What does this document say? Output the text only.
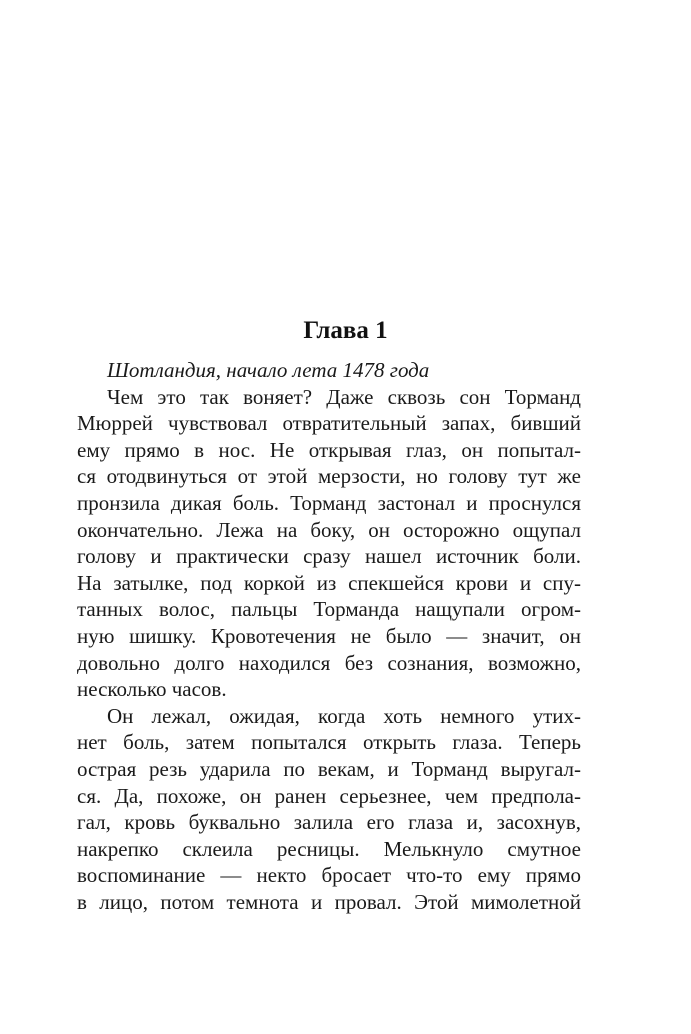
Глава 1
Шотландия, начало лета 1478 года
Чем это так воняет? Даже сквозь сон Торманд
Мюррей чувствовал отвратительный запах, бивший
ему прямо в нос. Не открывая глаз, он попытал-
ся отодвинуться от этой мерзости, но голову тут же
пронзила дикая боль. Торманд застонал и проснулся
окончательно. Лежа на боку, он осторожно ощупал
голову и практически сразу нашел источник боли.
На затылке, под коркой из спекшейся крови и спу-
танных волос, пальцы Торманда нащупали огром-
ную шишку. Кровотечения не было — значит, он
довольно долго находился без сознания, возможно,
несколько часов.
Он лежал, ожидая, когда хоть немного утих-
нет боль, затем попытался открыть глаза. Теперь
острая резь ударила по векам, и Торманд выругал-
ся. Да, похоже, он ранен серьезнее, чем предпола-
гал, кровь буквально залила его глаза и, засохнув,
накрепко склеила ресницы. Мелькнуло смутное
воспоминание — некто бросает что-то ему прямо
в лицо, потом темнота и провал. Этой мимолетной
